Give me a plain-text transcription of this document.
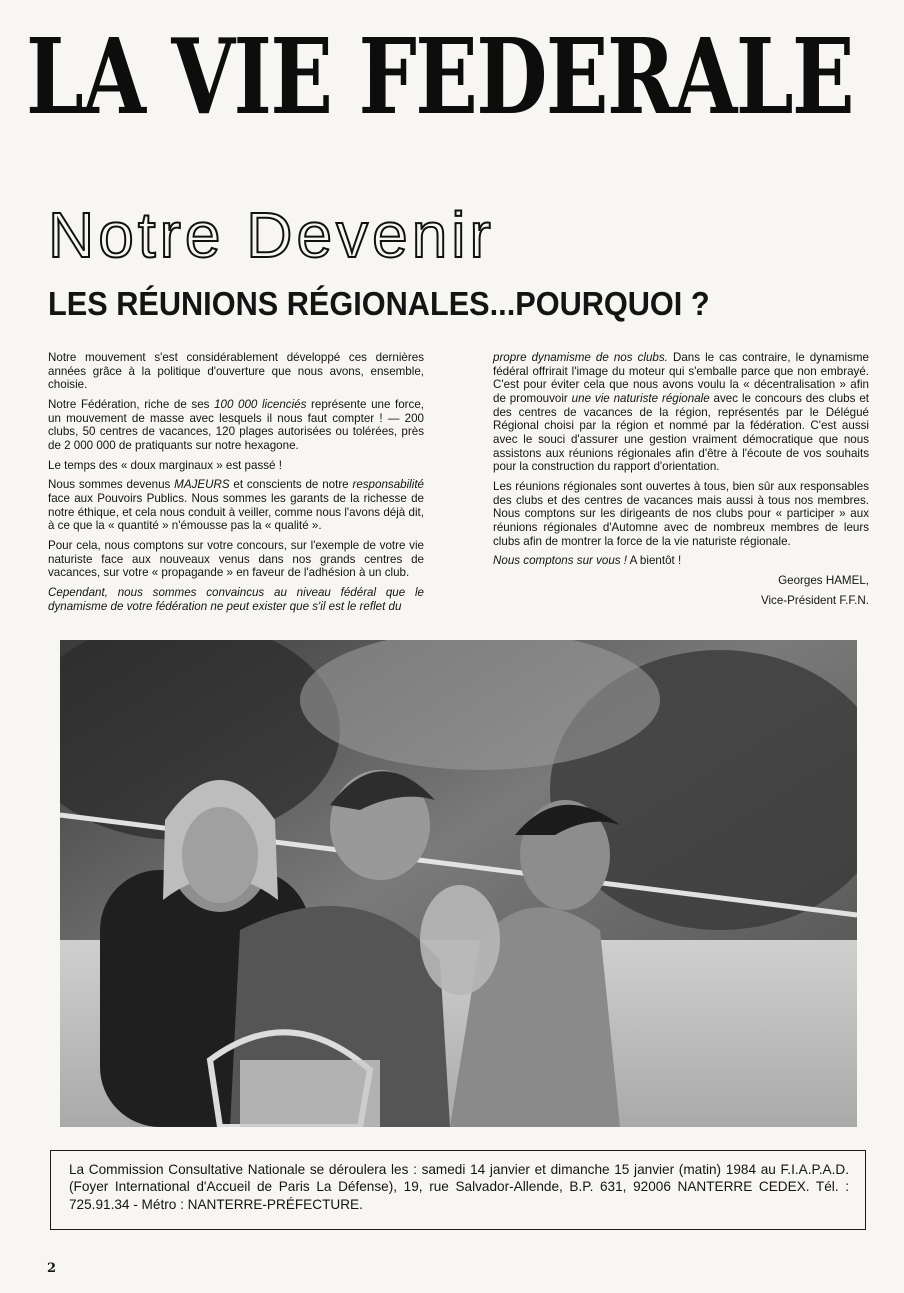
LA VIE FEDERALE
Notre Devenir
LES RÉUNIONS RÉGIONALES...POURQUOI ?

Notre mouvement s'est considérablement développé ces dernières années grâce à la politique d'ouverture que nous avons, ensemble, choisie.

Notre Fédération, riche de ses 100 000 licenciés représente une force, un mouvement de masse avec lesquels il nous faut compter ! — 200 clubs, 50 centres de vacances, 120 plages autorisées ou tolérées, près de 2 000 000 de pratiquants sur notre hexagone.

Le temps des « doux marginaux » est passé !

Nous sommes devenus MAJEURS et conscients de notre responsabilité face aux Pouvoirs Publics. Nous sommes les garants de la richesse de notre éthique, et cela nous conduit à veiller, comme nous l'avons déjà dit, à ce que la « quantité » n'émousse pas la « qualité ».

Pour cela, nous comptons sur votre concours, sur l'exemple de votre vie naturiste face aux nouveaux venus dans nos grands centres de vacances, sur votre « propagande » en faveur de l'adhésion à un club.

Cependant, nous sommes convaincus au niveau fédéral que le dynamisme de votre fédération ne peut exister que s'il est le reflet du

propre dynamisme de nos clubs. Dans le cas contraire, le dynamisme fédéral offrirait l'image du moteur qui s'emballe parce que non embrayé. C'est pour éviter cela que nous avons voulu la « décentralisation » afin de promouvoir une vie naturiste régionale avec le concours des clubs et des centres de vacances de la région, représentés par le Délégué Régional choisi par la région et nommé par la fédération. C'est aussi avec le souci d'assurer une gestion vraiment démocratique que nous assistons aux réunions régionales afin d'être à l'écoute de vos souhaits pour la construction du rapport d'orientation.

Les réunions régionales sont ouvertes à tous, bien sûr aux responsables des clubs et des centres de vacances mais aussi à tous nos membres. Nous comptons sur les dirigeants de nos clubs pour « participer » aux réunions régionales d'Automne avec de nombreux membres de leurs clubs afin de montrer la force de la vie naturiste régionale.

Nous comptons sur vous ! A bientôt !

Georges HAMEL,

Vice-Président F.F.N.

La Commission Consultative Nationale se déroulera les : samedi 14 janvier et dimanche 15 janvier (matin) 1984 au F.I.A.P.A.D. (Foyer International d'Accueil de Paris La Défense), 19, rue Salvador-Allende, B.P. 631, 92006 NANTERRE CEDEX. Tél. : 725.91.34 - Métro : NANTERRE-PRÉFECTURE.
2
